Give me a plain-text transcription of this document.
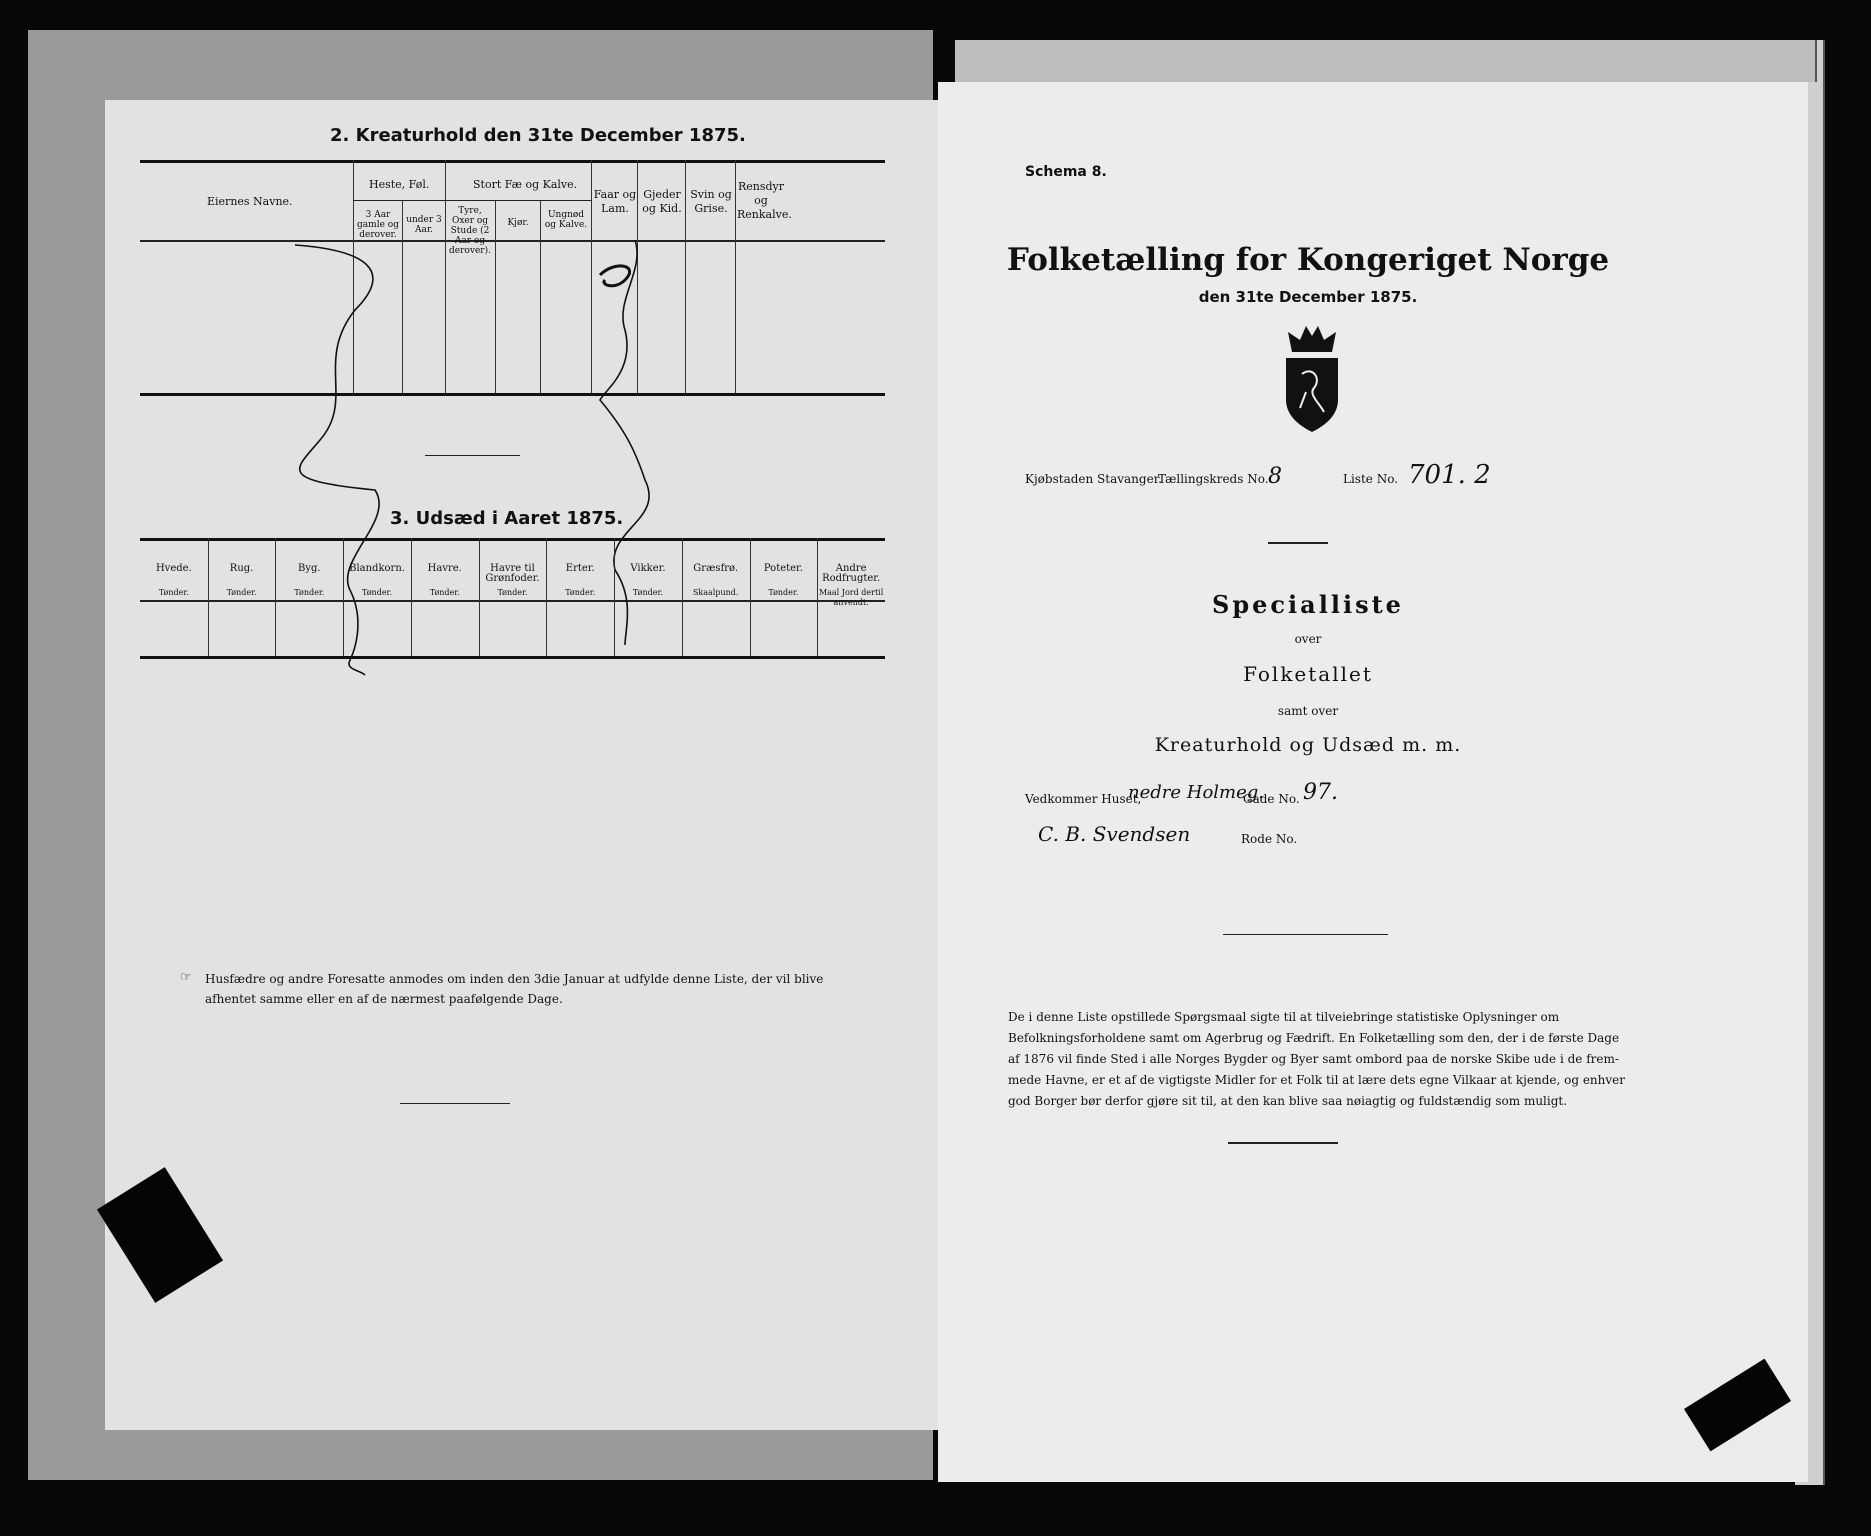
2. Kreaturhold den 31te December 1875.
Eiernes Navne.
Heste, Føl.
3 Aar gamle og derover.
under 3 Aar.
Stort Fæ og Kalve.
Tyre, Oxer og Stude (2 Aar og derover).
Kjør.
Ungnød og Kalve.
Faar og Lam.
Gjeder og Kid.
Svin og Grise.
Rensdyr og Renkalve.
3. Udsæd i Aaret 1875.
☞ Husfædre og andre Foresatte anmodes om inden den 3die Januar at udfylde denne Liste, der vil blive
afhentet samme eller en af de nærmest paafølgende Dage.
Hvede.
Tønder.
Rug.
Tønder.
Byg.
Tønder.
Blandkorn.
Tønder.
Havre.
Tønder.
Havre til Grønfoder.
Tønder.
Erter.
Tønder.
Vikker.
Tønder.
Græsfrø.
Skaalpund.
Poteter.
Tønder.
Andre Rodfrugter.
Maal Jord dertil anvendt.
Schema 8.
Folketælling for Kongeriget Norge
den 31te December 1875.
Kjøbstaden Stavanger.
Tællingskreds No. 8	Liste No. 701. 2
Specialliste
over
Folketallet
samt over
Kreaturhold og Udsæd m. m.
Vedkommer Huset,
nedre Holmeg.
Gade No. 97.
C. B. Svendsen	Rode No.
De i denne Liste opstillede Spørgsmaal sigte til at tilveiebringe statistiske Oplysninger om
Befolkningsforholdene samt om Agerbrug og Fædrift. En Folketælling som den, der i de første Dage
af 1876 vil finde Sted i alle Norges Bygder og Byer samt ombord paa de norske Skibe ude i de frem-
mede Havne, er et af de vigtigste Midler for et Folk til at lære dets egne Vilkaar at kjende, og enhver
god Borger bør derfor gjøre sit til, at den kan blive saa nøiagtig og fuldstændig som muligt.
